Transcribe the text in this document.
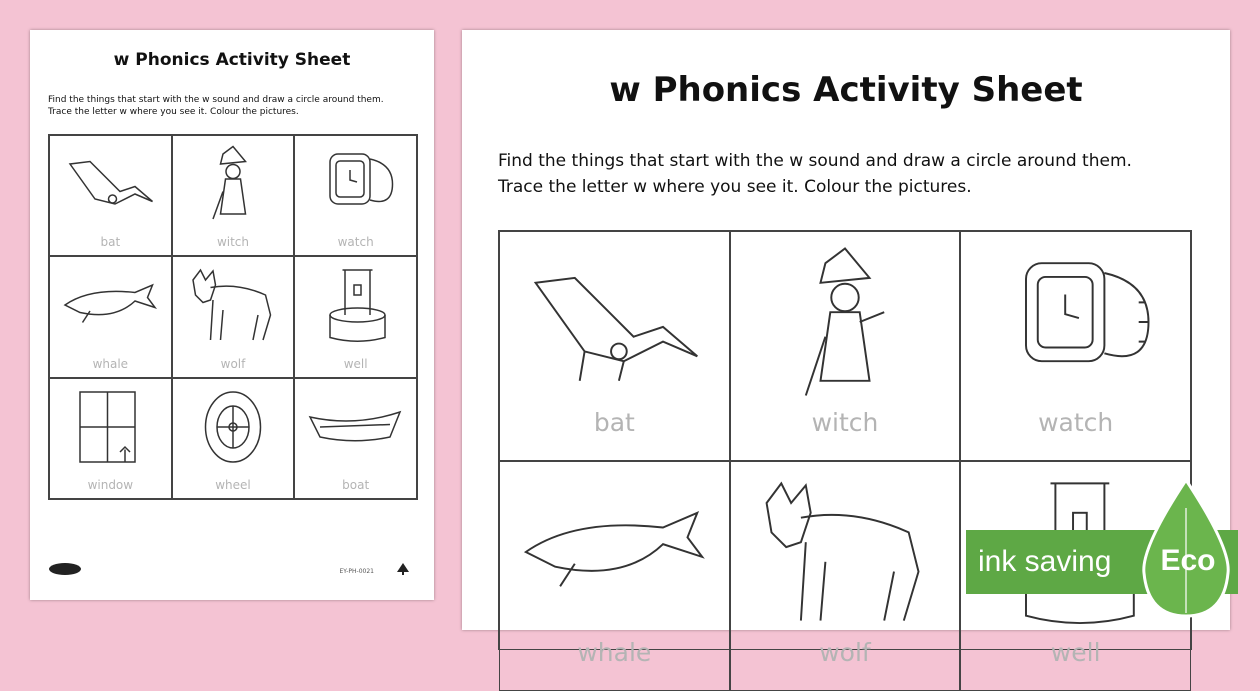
w Phonics Activity Sheet
Find the things that start with the w sound and draw a circle around them.
Trace the letter w where you see it. Colour the pictures.
bat	witch	watch
whale	wolf	well
window	wheel	boat
EY-PH-0021
w Phonics Activity Sheet
Find the things that start with the w sound and draw a circle around them.
Trace the letter w where you see it. Colour the pictures.
bat	witch	watch
whale	wolf	well
ink saving	Eco
